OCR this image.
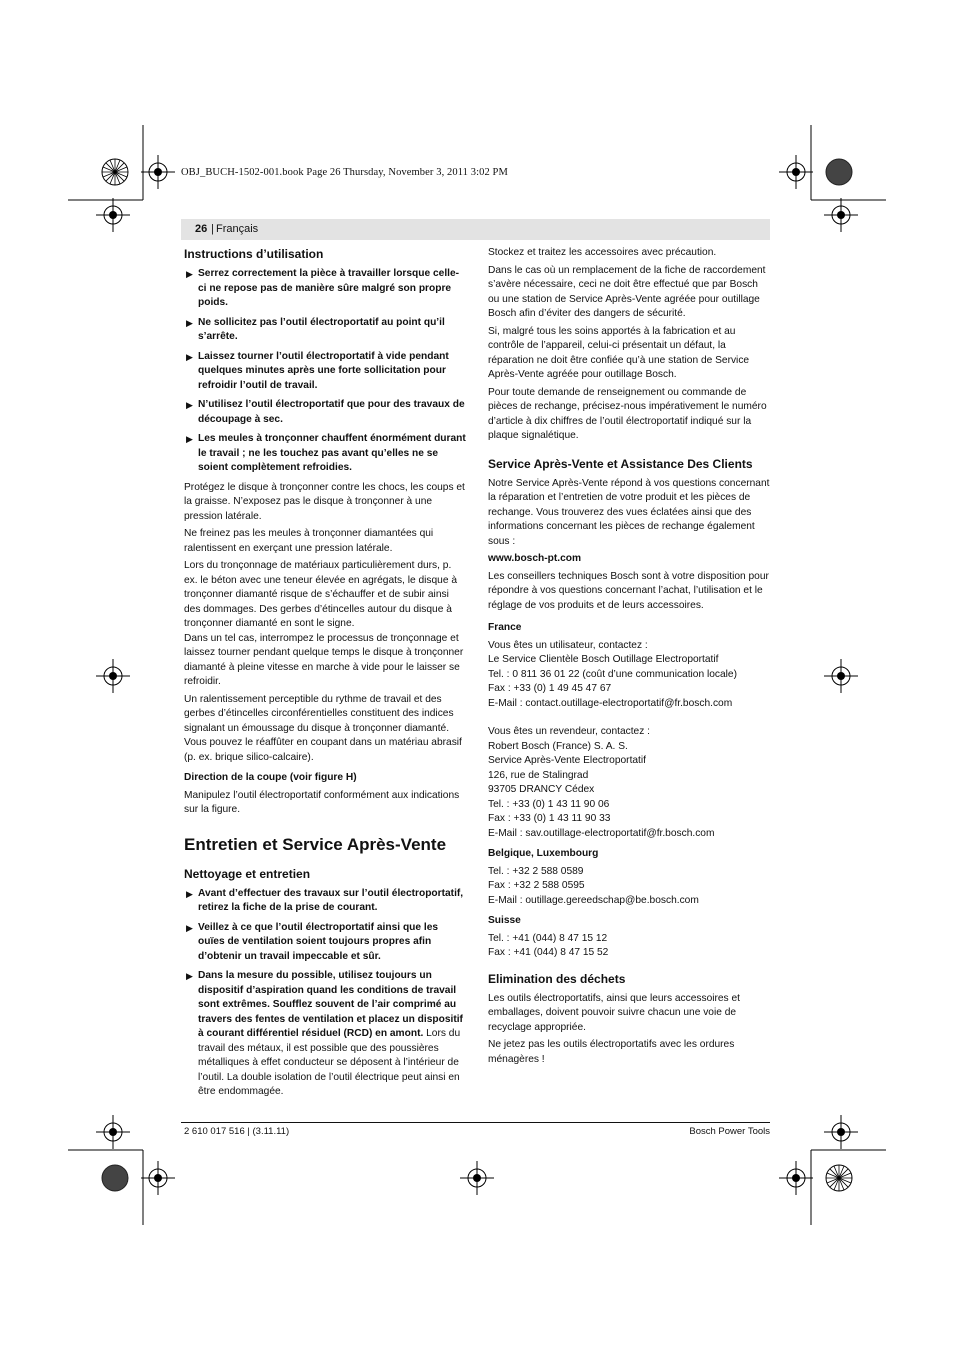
OBJ_BUCH-1502-001.book Page 26 Thursday, November 3, 2011 3:02 PM
26 | Français
Instructions d’utilisation
▶ Serrez correctement la pièce à travailler lorsque celle-ci ne repose pas de manière sûre malgré son propre poids.
▶ Ne sollicitez pas l’outil électroportatif au point qu’il s’arrête.
▶ Laissez tourner l’outil électroportatif à vide pendant quelques minutes après une forte sollicitation pour refroidir l’outil de travail.
▶ N’utilisez l’outil électroportatif que pour des travaux de découpage à sec.
▶ Les meules à tronçonner chauffent énormément durant le travail ; ne les touchez pas avant qu’elles ne se soient complètement refroidies.

Protégez le disque à tronçonner contre les chocs, les coups et la graisse. N’exposez pas le disque à tronçonner à une pression latérale.

Ne freinez pas les meules à tronçonner diamantées qui ralentissent en exerçant une pression latérale.

Lors du tronçonnage de matériaux particulièrement durs, p. ex. le béton avec une teneur élevée en agrégats, le disque à tronçonner diamanté risque de s’échauffer et de subir ainsi des dommages. Des gerbes d’étincelles autour du disque à tronçonner diamanté en sont le signe.

Dans un tel cas, interrompez le processus de tronçonnage et laissez tourner pendant quelque temps le disque à tronçonner diamanté à pleine vitesse en marche à vide pour le laisser se refroidir.

Un ralentissement perceptible du rythme de travail et des gerbes d’étincelles circonférentielles constituent des indices signalant un émoussage du disque à tronçonner diamanté. Vous pouvez le réaffûter en coupant dans un matériau abrasif (p. ex. brique silico-calcaire).

Direction de la coupe (voir figure H)

Manipulez l’outil électroportatif conformément aux indications sur la figure.

Entretien et Service Après-Vente
Nettoyage et entretien
▶ Avant d’effectuer des travaux sur l’outil électroportatif, retirez la fiche de la prise de courant.
▶ Veillez à ce que l’outil électroportatif ainsi que les ouïes de ventilation soient toujours propres afin d’obtenir un travail impeccable et sûr.
▶ Dans la mesure du possible, utilisez toujours un dispositif d’aspiration quand les conditions de travail sont extrêmes. Soufflez souvent de l’air comprimé au travers des fentes de ventilation et placez un dispositif à courant différentiel résiduel (RCD) en amont. Lors du travail des métaux, il est possible que des poussières métalliques à effet conducteur se déposent à l’intérieur de l’outil. La double isolation de l’outil électrique peut ainsi en être endommagée.

Stockez et traitez les accessoires avec précaution.

Dans le cas où un remplacement de la fiche de raccordement s’avère nécessaire, ceci ne doit être effectué que par Bosch ou une station de Service Après-Vente agréée pour outillage Bosch afin d’éviter des dangers de sécurité.

Si, malgré tous les soins apportés à la fabrication et au contrôle de l’appareil, celui-ci présentait un défaut, la réparation ne doit être confiée qu’à une station de Service Après-Vente agréée pour outillage Bosch.

Pour toute demande de renseignement ou commande de pièces de rechange, précisez-nous impérativement le numéro d’article à dix chiffres de l’outil électroportatif indiqué sur la plaque signalétique.

Service Après-Vente et Assistance Des Clients

Notre Service Après-Vente répond à vos questions concernant la réparation et l’entretien de votre produit et les pièces de rechange. Vous trouverez des vues éclatées ainsi que des informations concernant les pièces de rechange également sous :

www.bosch-pt.com

Les conseillers techniques Bosch sont à votre disposition pour répondre à vos questions concernant l’achat, l’utilisation et le réglage de vos produits et de leurs accessoires.

France
Vous êtes un utilisateur, contactez :
Le Service Clientèle Bosch Outillage Electroportatif
Tel. : 0 811 36 01 22 (coût d’une communication locale)
Fax : +33 (0) 1 49 45 47 67
E-Mail : contact.outillage-electroportatif@fr.bosch.com
Vous êtes un revendeur, contactez :
Robert Bosch (France) S. A. S.
Service Après-Vente Electroportatif
126, rue de Stalingrad
93705 DRANCY Cédex
Tel. : +33 (0) 1 43 11 90 06
Fax : +33 (0) 1 43 11 90 33
E-Mail : sav.outillage-electroportatif@fr.bosch.com
Belgique, Luxembourg
Tel. : +32 2 588 0589
Fax : +32 2 588 0595
E-Mail : outillage.gereedschap@be.bosch.com
Suisse
Tel. : +41 (044) 8 47 15 12
Fax : +41 (044) 8 47 15 52
Elimination des déchets

Les outils électroportatifs, ainsi que leurs accessoires et emballages, doivent pouvoir suivre chacun une voie de recyclage appropriée.

Ne jetez pas les outils électroportatifs avec les ordures ménagères !

2 610 017 516 | (3.11.11)	Bosch Power Tools
